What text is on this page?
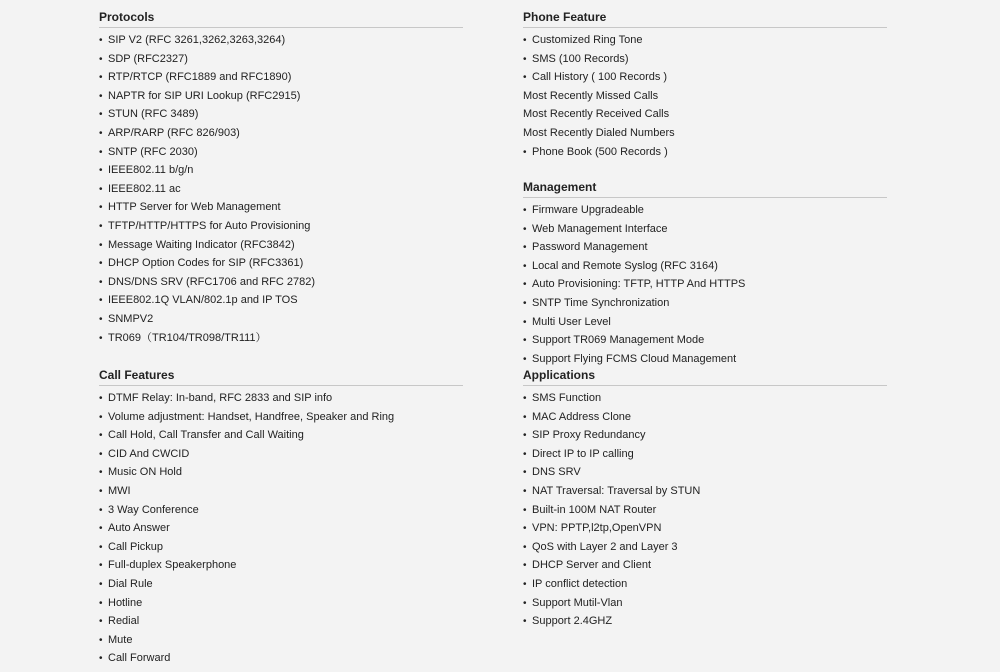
Protocols
• SIP V2 (RFC 3261,3262,3263,3264)
• SDP (RFC2327)
• RTP/RTCP (RFC1889 and RFC1890)
• NAPTR for SIP URI Lookup (RFC2915)
• STUN (RFC 3489)
• ARP/RARP (RFC 826/903)
• SNTP (RFC 2030)
• IEEE802.11 b/g/n
• IEEE802.11 ac
• HTTP Server for Web Management
• TFTP/HTTP/HTTPS for Auto Provisioning
• Message Waiting Indicator (RFC3842)
• DHCP Option Codes for SIP (RFC3361)
• DNS/DNS SRV (RFC1706 and RFC 2782)
• IEEE802.1Q VLAN/802.1p and IP TOS
• SNMPV2
• TR069（TR104/TR098/TR111）
Call Features
• DTMF Relay: In-band, RFC 2833 and SIP info
• Volume adjustment: Handset, Handfree, Speaker and Ring
• Call Hold, Call Transfer and Call Waiting
• CID And CWCID
• Music ON Hold
• MWI
• 3 Way Conference
• Auto Answer
• Call Pickup
• Full-duplex Speakerphone
• Dial Rule
• Hotline
• Redial
• Mute
• Call Forward
Phone Feature
• Customized Ring Tone
• SMS (100 Records)
• Call History ( 100 Records )
Most Recently Missed Calls
Most Recently Received Calls
Most Recently Dialed Numbers
• Phone Book (500 Records )
Management
• Firmware Upgradeable
• Web Management Interface
• Password Management
• Local and Remote Syslog (RFC 3164)
• Auto Provisioning: TFTP, HTTP And HTTPS
• SNTP Time Synchronization
• Multi User Level
• Support TR069 Management Mode
• Support Flying FCMS Cloud Management
Applications
• SMS Function
• MAC Address Clone
• SIP Proxy Redundancy
• Direct IP to IP calling
• DNS SRV
• NAT Traversal: Traversal by STUN
• Built-in 100M NAT Router
• VPN: PPTP,l2tp,OpenVPN
• QoS with Layer 2 and Layer 3
• DHCP Server and Client
• IP conflict detection
• Support Mutil-Vlan
• Support 2.4GHZ
